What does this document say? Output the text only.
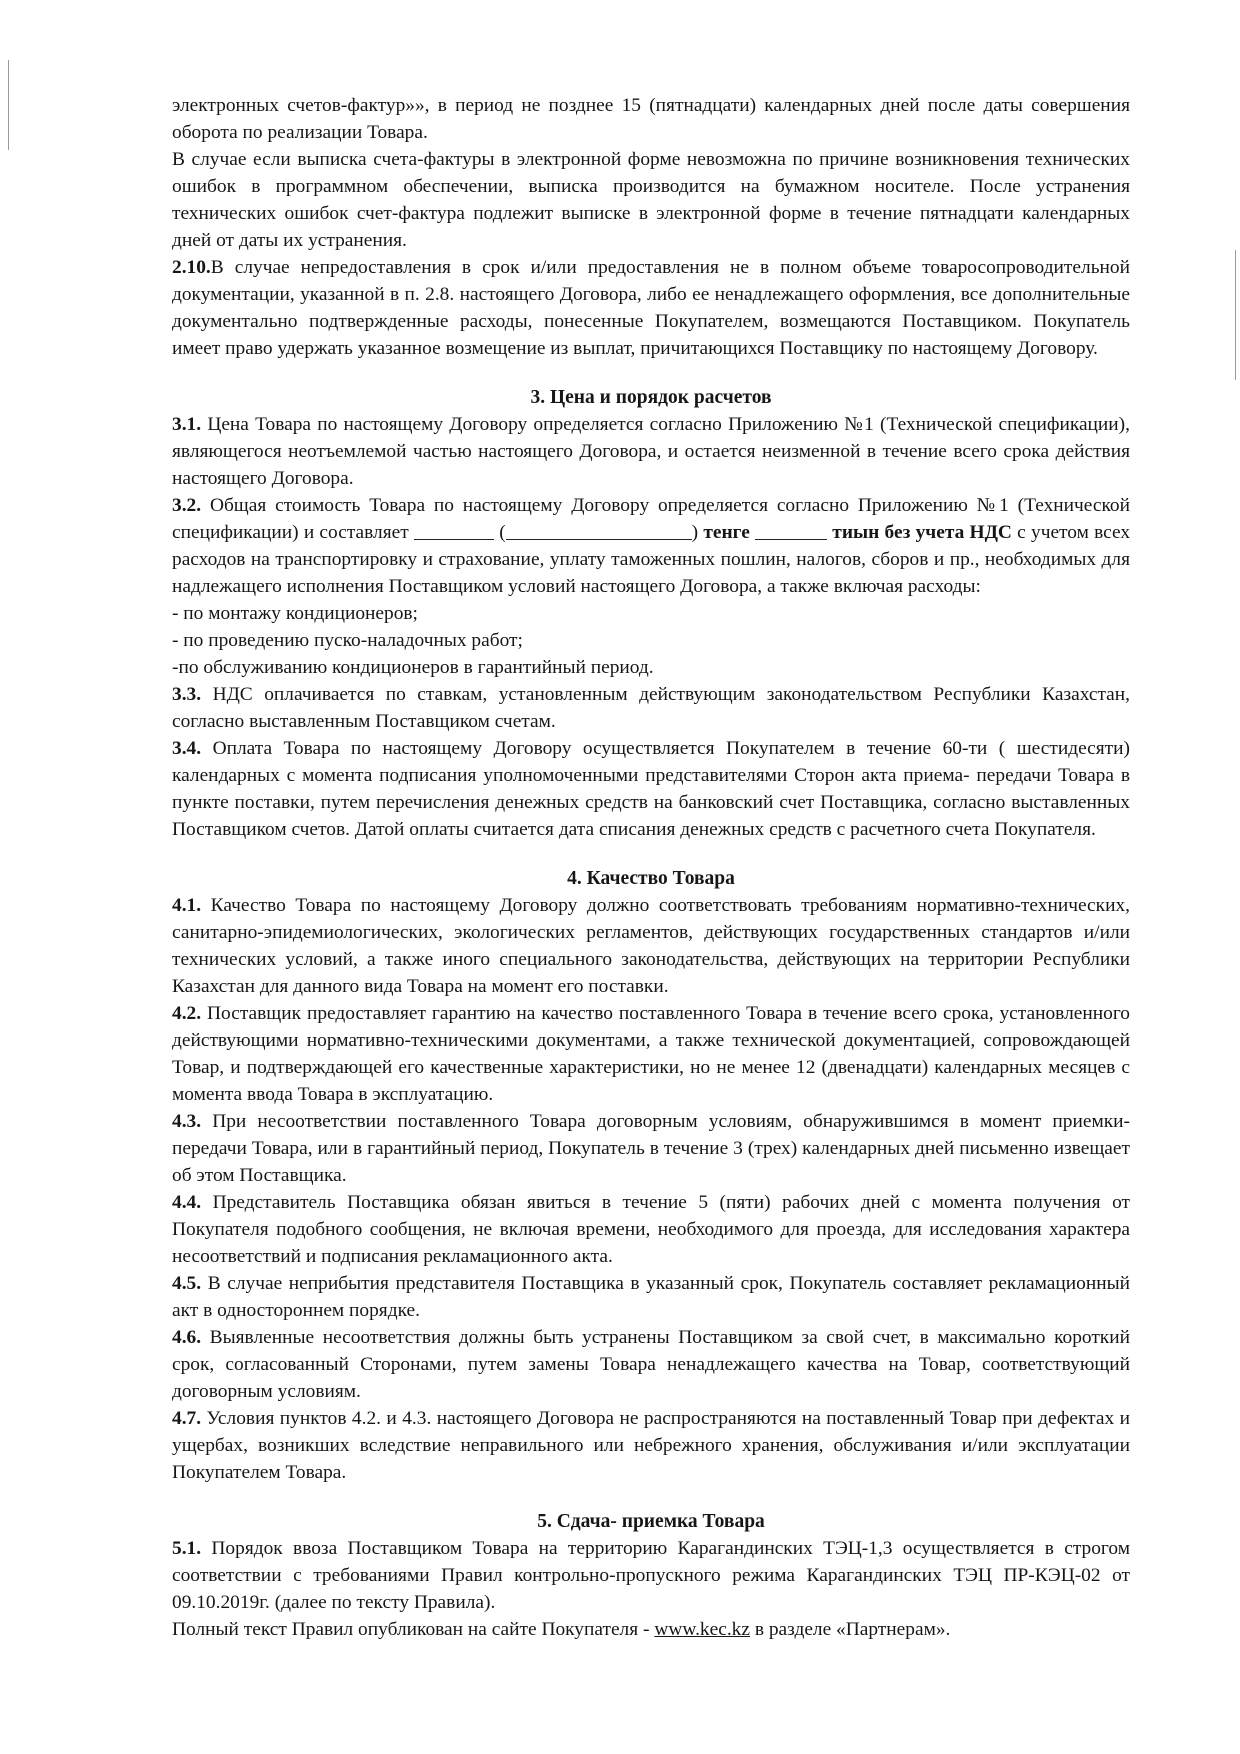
электронных счетов-фактур»», в период не позднее 15 (пятнадцати) календарных дней после даты совершения оборота по реализации Товара.

В случае если выписка счета-фактуры в электронной форме невозможна по причине возникновения технических ошибок в программном обеспечении, выписка производится на бумажном носителе. После устранения технических ошибок счет-фактура подлежит выписке в электронной форме в течение пятнадцати календарных дней от даты их устранения.

2.10.В случае непредоставления в срок и/или предоставления не в полном объеме товаросопроводительной документации, указанной в п. 2.8. настоящего Договора, либо ее ненадлежащего оформления, все дополнительные документально подтвержденные расходы, понесенные Покупателем, возмещаются Поставщиком. Покупатель имеет право удержать указанное возмещение из выплат, причитающихся Поставщику по настоящему Договору.

3. Цена и порядок расчетов

3.1. Цена Товара по настоящему Договору определяется согласно Приложению №1 (Технической спецификации), являющегося неотъемлемой частью настоящего Договора, и остается неизменной в течение всего срока действия настоящего Договора.

3.2. Общая стоимость Товара по настоящему Договору определяется согласно Приложению №1 (Технической спецификации) и составляет	(	) тенге	тиын без учета НДС с учетом всех расходов на транспортировку и страхование, уплату таможенных пошлин, налогов, сборов и пр., необходимых для надлежащего исполнения Поставщиком условий настоящего Договора, а также включая расходы:

- по монтажу кондиционеров;

- по проведению пуско-наладочных работ;

-по обслуживанию кондиционеров в гарантийный период.

3.3. НДС оплачивается по ставкам, установленным действующим законодательством Республики Казахстан, согласно выставленным Поставщиком счетам.

3.4. Оплата Товара по настоящему Договору осуществляется Покупателем в течение 60-ти ( шестидесяти) календарных с момента подписания уполномоченными представителями Сторон акта приема- передачи Товара в пункте поставки, путем перечисления денежных средств на банковский счет Поставщика, согласно выставленных Поставщиком счетов. Датой оплаты считается дата списания денежных средств с расчетного счета Покупателя.

4. Качество Товара

4.1. Качество Товара по настоящему Договору должно соответствовать требованиям нормативно-технических, санитарно-эпидемиологических, экологических регламентов, действующих государственных стандартов и/или технических условий, а также иного специального законодательства, действующих на территории Республики Казахстан для данного вида Товара на момент его поставки.

4.2. Поставщик предоставляет гарантию на качество поставленного Товара в течение всего срока, установленного действующими нормативно-техническими документами, а также технической документацией, сопровождающей Товар, и подтверждающей его качественные характеристики, но не менее 12 (двенадцати) календарных месяцев с момента ввода Товара в эксплуатацию.

4.3. При несоответствии поставленного Товара договорным условиям, обнаружившимся в момент приемки-передачи Товара, или в гарантийный период, Покупатель в течение 3 (трех) календарных дней письменно извещает об этом Поставщика.

4.4. Представитель Поставщика обязан явиться в течение 5 (пяти) рабочих дней с момента получения от Покупателя подобного сообщения, не включая времени, необходимого для проезда, для исследования характера несоответствий и подписания рекламационного акта.

4.5. В случае неприбытия представителя Поставщика в указанный срок, Покупатель составляет рекламационный акт в одностороннем порядке.

4.6. Выявленные несоответствия должны быть устранены Поставщиком за свой счет, в максимально короткий срок, согласованный Сторонами, путем замены Товара ненадлежащего качества на Товар, соответствующий договорным условиям.

4.7. Условия пунктов 4.2. и 4.3. настоящего Договора не распространяются на поставленный Товар при дефектах и ущербах, возникших вследствие неправильного или небрежного хранения, обслуживания и/или эксплуатации Покупателем Товара.

5. Сдача- приемка Товара

5.1. Порядок ввоза Поставщиком Товара на территорию Карагандинских ТЭЦ-1,3 осуществляется в строгом соответствии с требованиями Правил контрольно-пропускного режима Карагандинских ТЭЦ ПР-КЭЦ-02 от 09.10.2019г. (далее по тексту Правила).

Полный текст Правил опубликован на сайте Покупателя - www.kec.kz в разделе «Партнерам».
